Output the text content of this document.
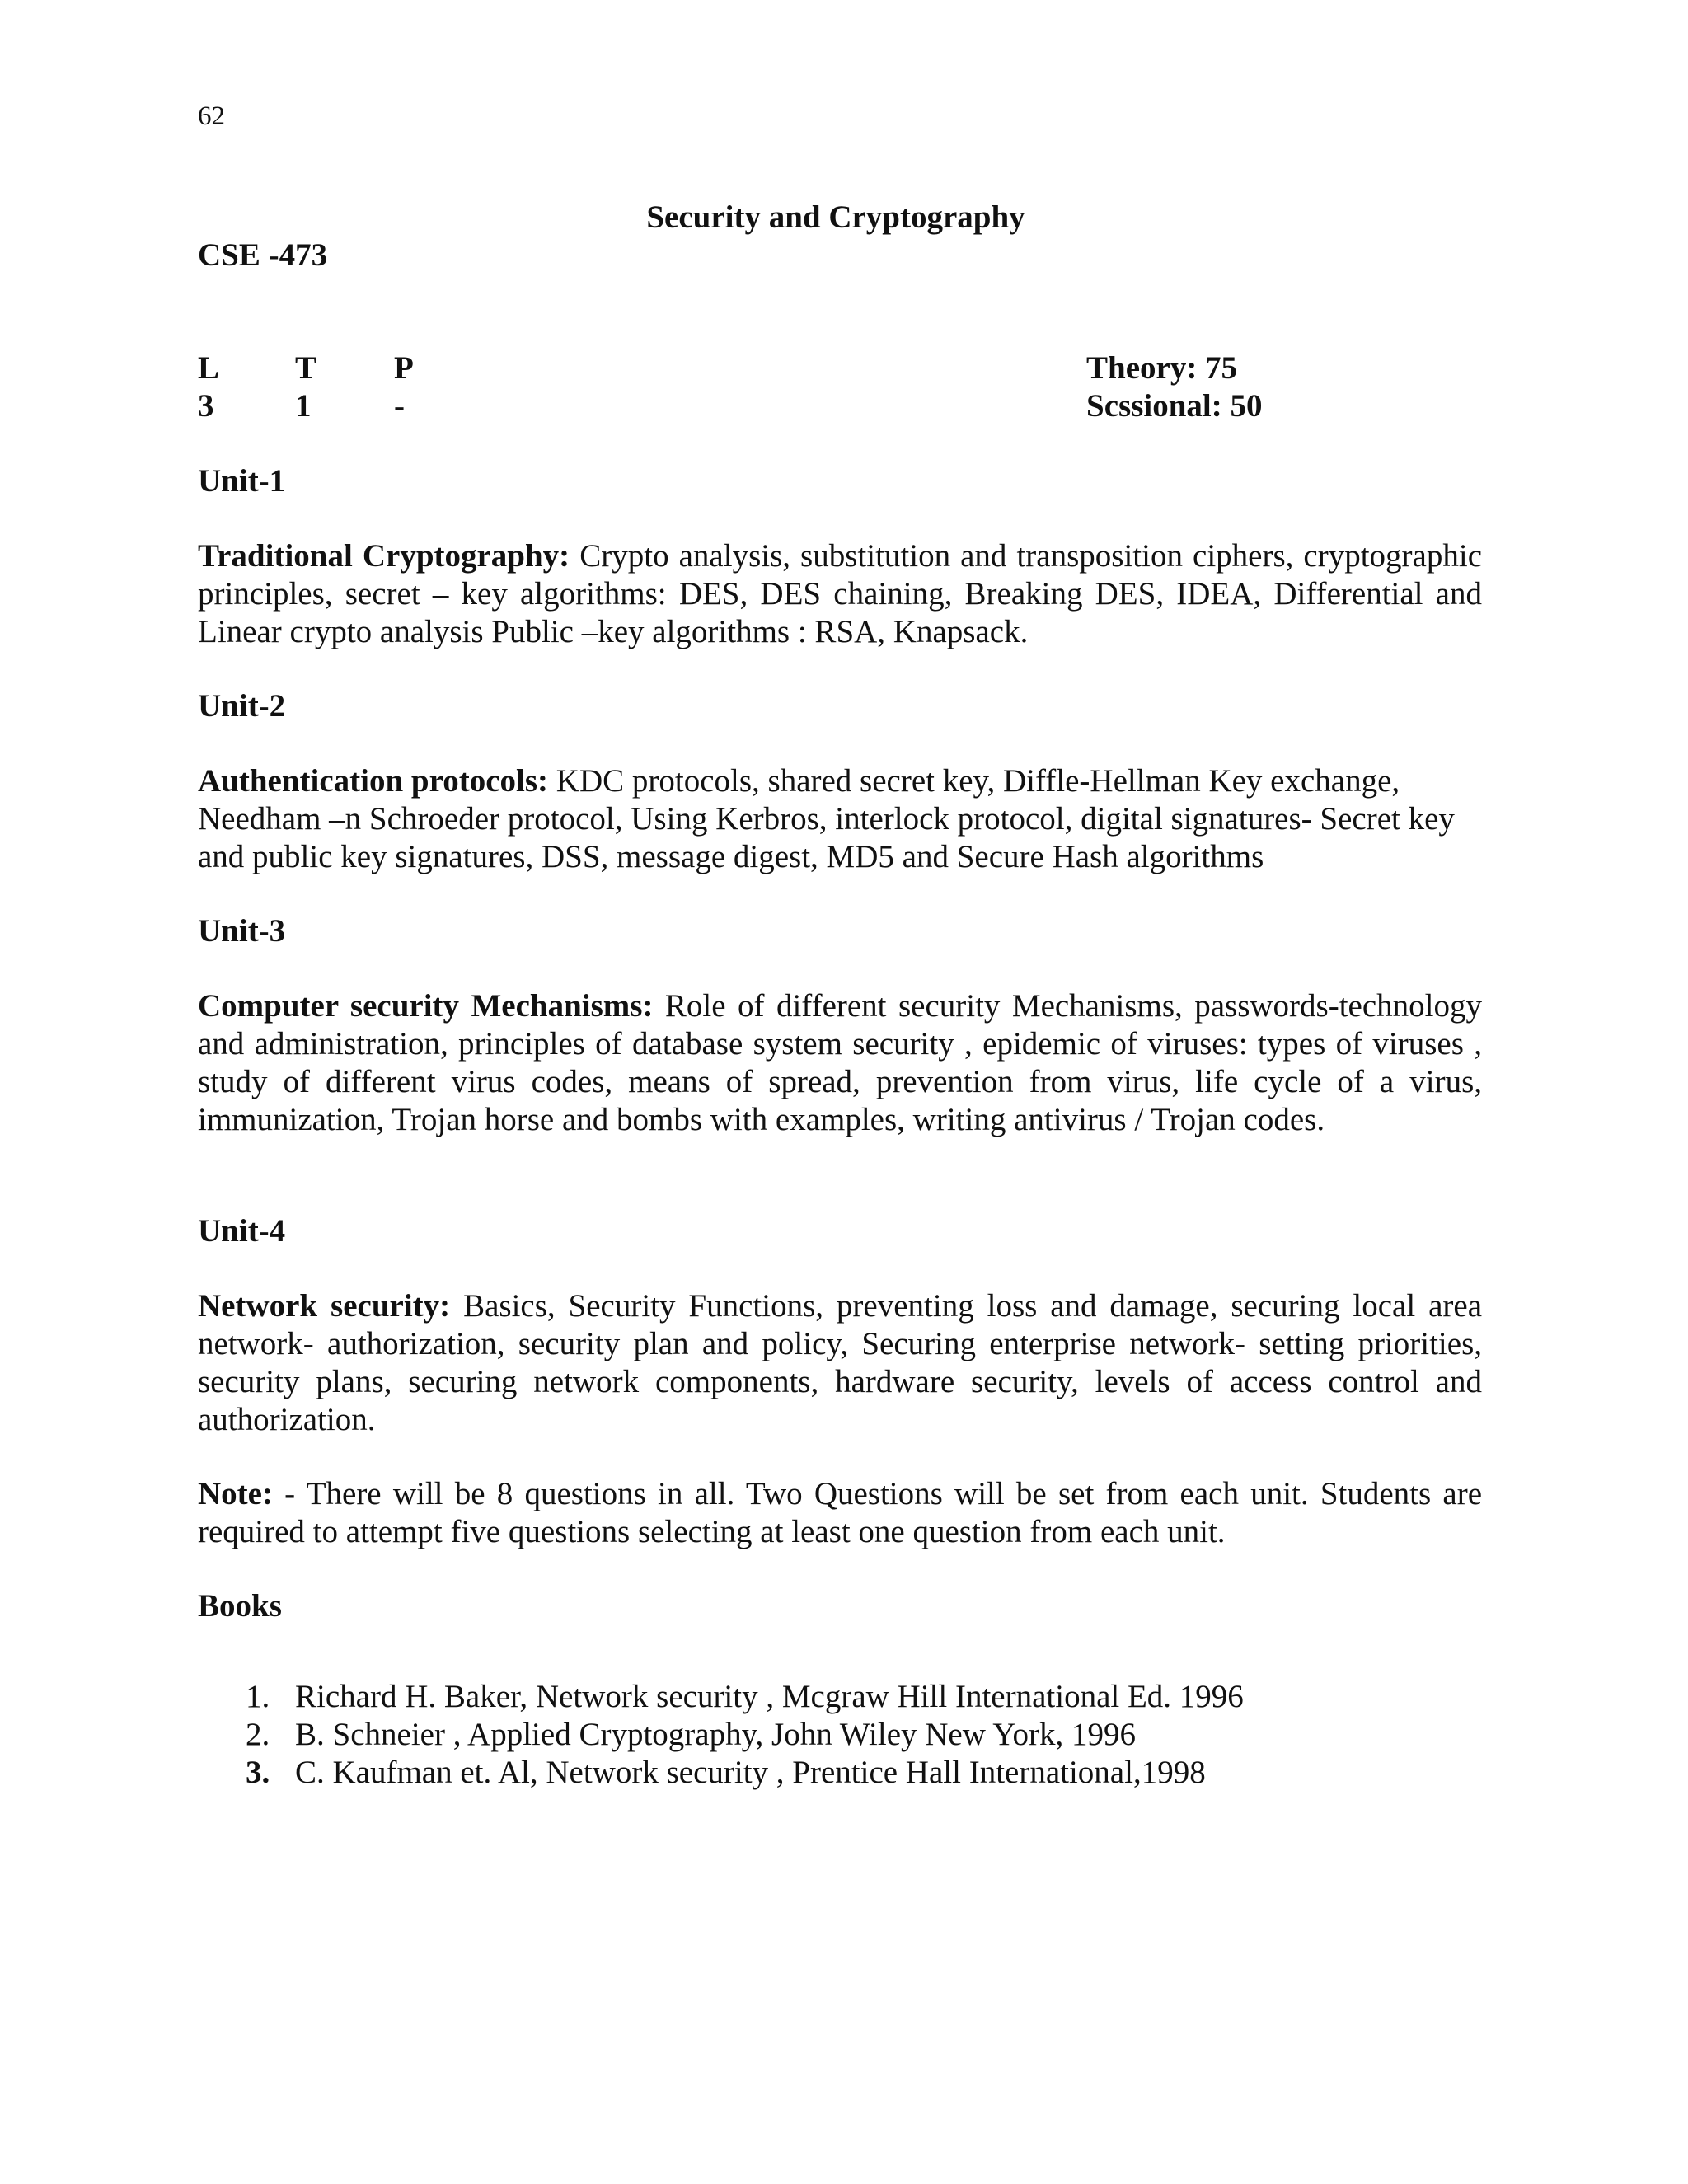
62
Security and Cryptography
CSE -473
L T P	Theory: 75
3	1	-	Scssional: 50
Unit-1
Traditional Cryptography: Crypto analysis, substitution and transposition ciphers, cryptographic principles, secret – key algorithms: DES, DES chaining, Breaking DES, IDEA, Differential and Linear crypto analysis Public –key algorithms : RSA, Knapsack.
Unit-2
Authentication protocols: KDC protocols, shared secret key, Diffle-Hellman Key exchange, Needham –n Schroeder protocol, Using Kerbros, interlock protocol, digital signatures- Secret key and public key signatures, DSS, message digest, MD5 and Secure Hash algorithms
Unit-3
Computer security Mechanisms: Role of different security Mechanisms, passwords-technology and administration, principles of database system security , epidemic of viruses: types of viruses , study of different virus codes, means of spread, prevention from virus, life cycle of a virus, immunization, Trojan horse and bombs with examples, writing antivirus / Trojan codes.
Unit-4
Network security: Basics, Security Functions, preventing loss and damage, securing local area network- authorization, security plan and policy, Securing enterprise network- setting priorities, security plans, securing network components, hardware security, levels of access control and authorization.
Note: - There will be 8 questions in all. Two Questions will be set from each unit. Students are required to attempt five questions selecting at least one question from each unit.
Books
1. Richard H. Baker, Network security , Mcgraw Hill International Ed. 1996
2. B. Schneier , Applied Cryptography, John Wiley New York, 1996
3. C. Kaufman et. Al, Network security , Prentice Hall International,1998
